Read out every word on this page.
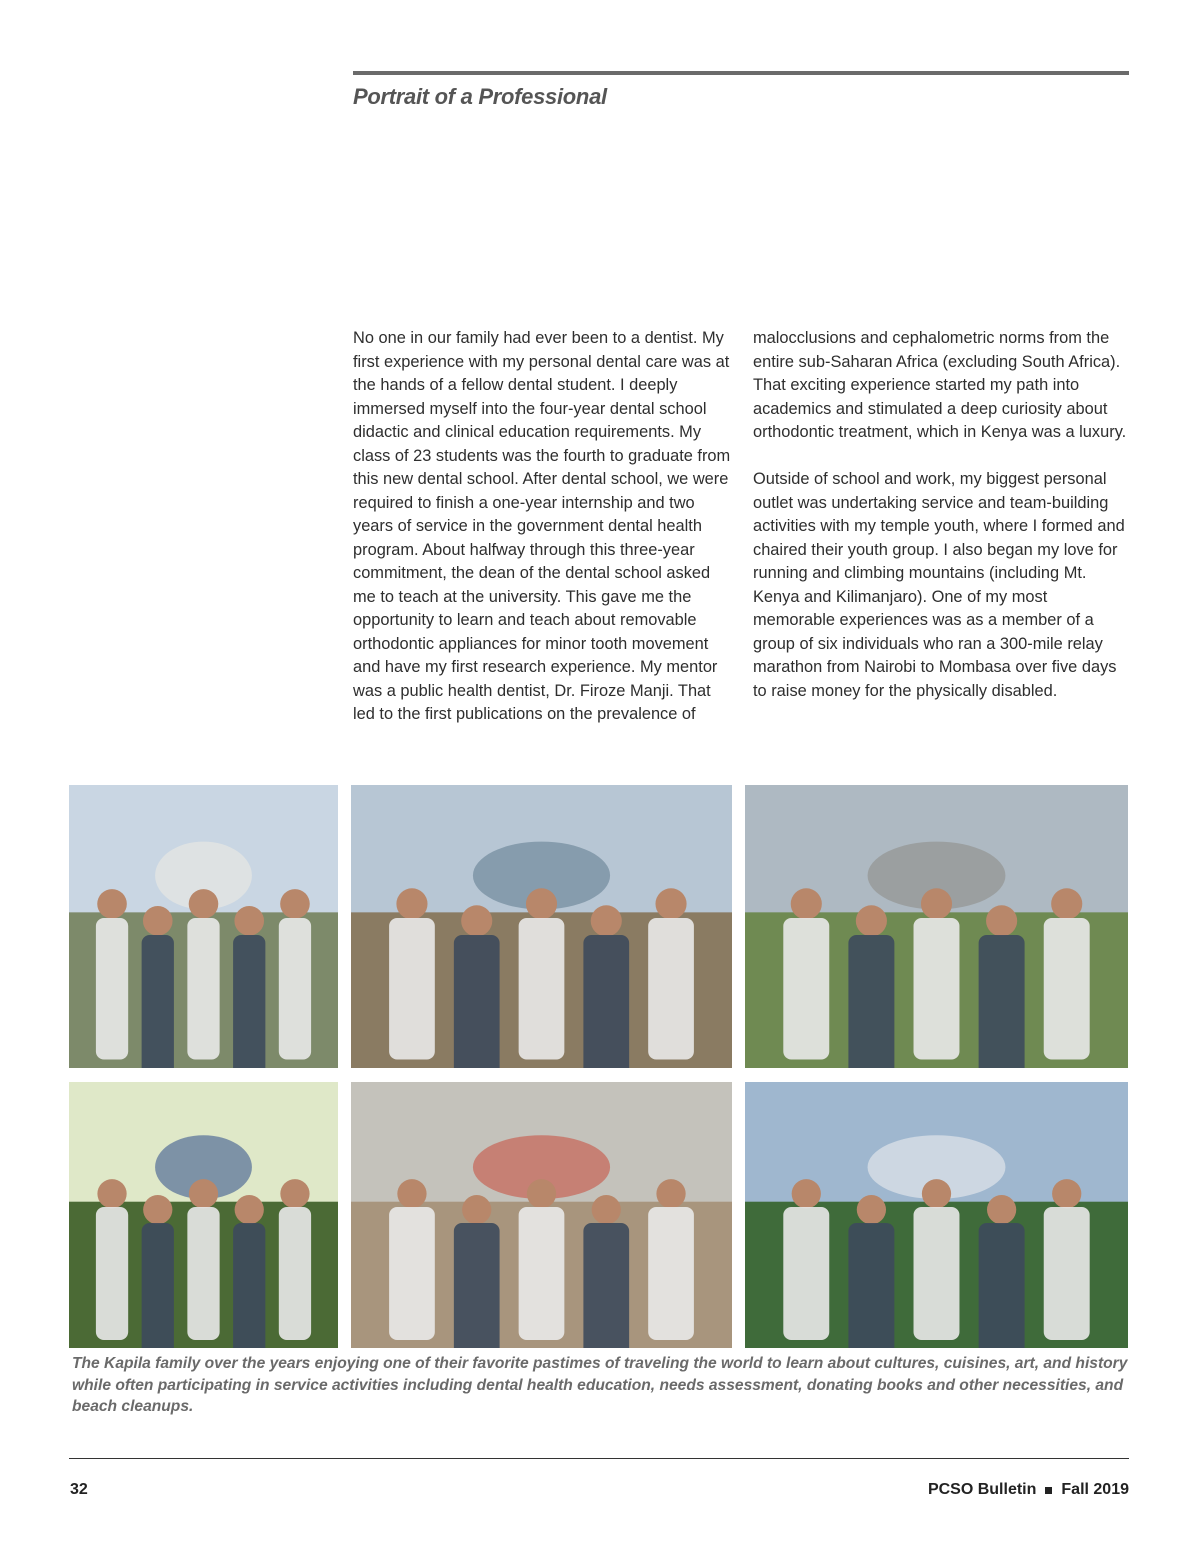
Portrait of a Professional

No one in our family had ever been to a dentist. My first experience with my personal dental care was at the hands of a fellow dental student. I deeply immersed myself into the four-year dental school didactic and clinical education requirements. My class of 23 students was the fourth to graduate from this new dental school. After dental school, we were required to finish a one-year internship and two years of service in the government dental health program. About halfway through this three-year commitment, the dean of the dental school asked me to teach at the university. This gave me the opportunity to learn and teach about removable orthodontic appliances for minor tooth movement and have my first research experience. My mentor was a public health dentist, Dr. Firoze Manji. That led to the first publications on the prevalence of

malocclusions and cephalometric norms from the entire sub-Saharan Africa (excluding South Africa). That exciting experience started my path into academics and stimulated a deep curiosity about orthodontic treatment, which in Kenya was a luxury.

Outside of school and work, my biggest personal outlet was undertaking service and team-building activities with my temple youth, where I formed and chaired their youth group. I also began my love for running and climbing mountains (including Mt. Kenya and Kilimanjaro). One of my most memorable experiences was as a member of a group of six individuals who ran a 300-mile relay marathon from Nairobi to Mombasa over five days to raise money for the physically disabled.

The Kapila family over the years enjoying one of their favorite pastimes of traveling the world to learn about cultures, cuisines, art, and history while often participating in service activities including dental health education, needs assessment, donating books and other necessities, and beach cleanups.
32	PCSO Bulletin Fall 2019
